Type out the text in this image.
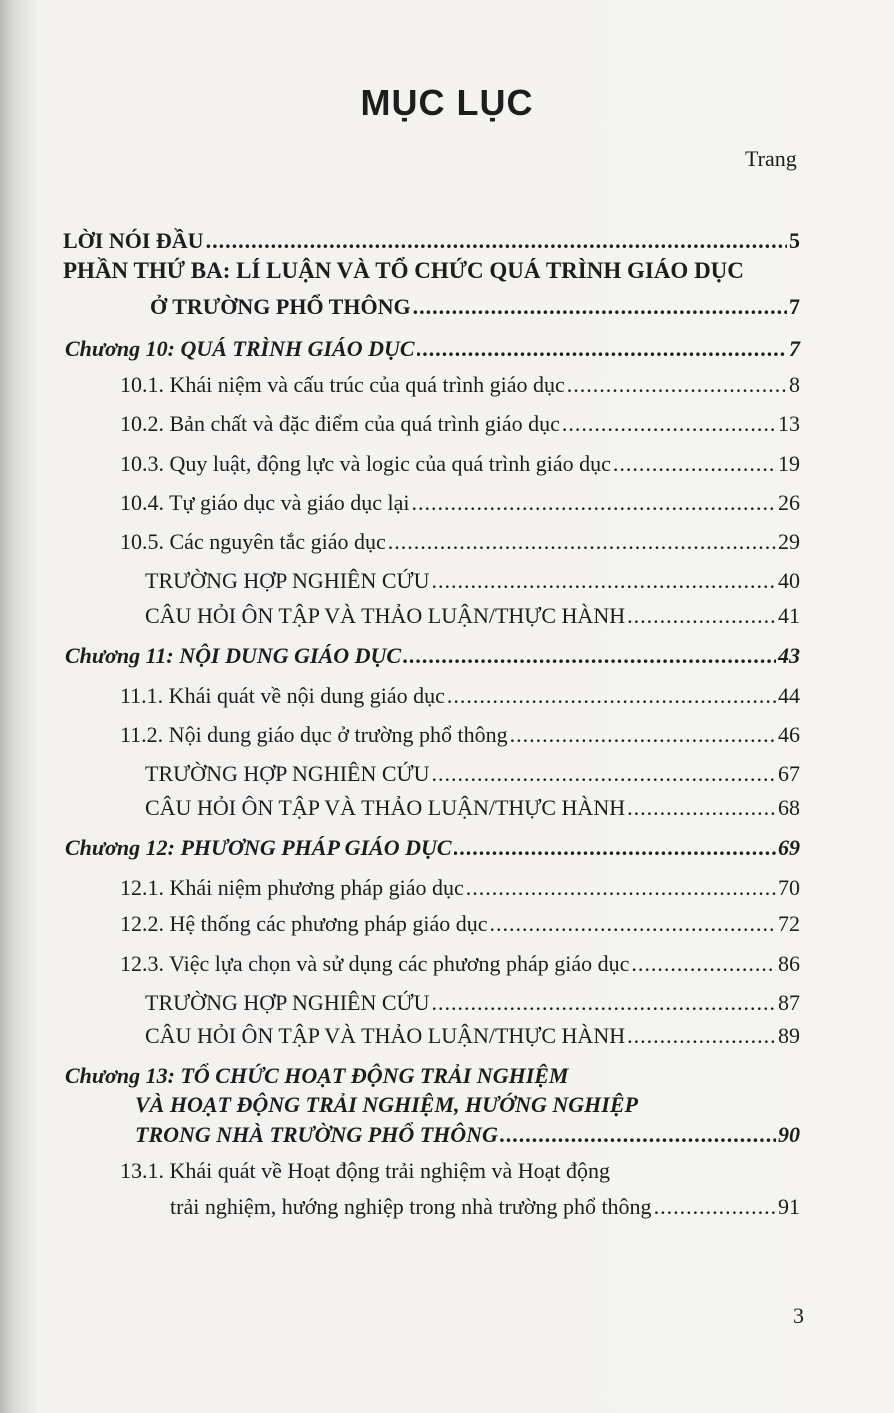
MỤC LỤC
Trang
LỜI NÓI ĐẦU .....	5
PHẦN THỨ BA: LÍ LUẬN VÀ TỔ CHỨC QUÁ TRÌNH GIÁO DỤC
Ở TRƯỜNG PHỔ THÔNG .....	7
Chương 10: QUÁ TRÌNH GIÁO DỤC .....	7
10.1. Khái niệm và cấu trúc của quá trình giáo dục .....	8
10.2. Bản chất và đặc điểm của quá trình giáo dục .....	13
10.3. Quy luật, động lực và logic của quá trình giáo dục .....	19
10.4. Tự giáo dục và giáo dục lại .....	26
10.5. Các nguyên tắc giáo dục .....	29
TRƯỜNG HỢP NGHIÊN CỨU .....	40
CÂU HỎI ÔN TẬP VÀ THẢO LUẬN/THỰC HÀNH .....	41
Chương 11: NỘI DUNG GIÁO DỤC .....	43
11.1. Khái quát về nội dung giáo dục .....	44
11.2. Nội dung giáo dục ở trường phổ thông .....	46
TRƯỜNG HỢP NGHIÊN CỨU .....	67
CÂU HỎI ÔN TẬP VÀ THẢO LUẬN/THỰC HÀNH .....	68
Chương 12: PHƯƠNG PHÁP GIÁO DỤC .....	69
12.1. Khái niệm phương pháp giáo dục .....	70
12.2. Hệ thống các phương pháp giáo dục .....	72
12.3. Việc lựa chọn và sử dụng các phương pháp giáo dục .....	86
TRƯỜNG HỢP NGHIÊN CỨU .....	87
CÂU HỎI ÔN TẬP VÀ THẢO LUẬN/THỰC HÀNH .....	89
Chương 13: TỔ CHỨC HOẠT ĐỘNG TRẢI NGHIỆM
VÀ HOẠT ĐỘNG TRẢI NGHIỆM, HƯỚNG NGHIỆP
TRONG NHÀ TRƯỜNG PHỔ THÔNG .....	90
13.1. Khái quát về Hoạt động trải nghiệm và Hoạt động
trải nghiệm, hướng nghiệp trong nhà trường phổ thông .....	91
3
